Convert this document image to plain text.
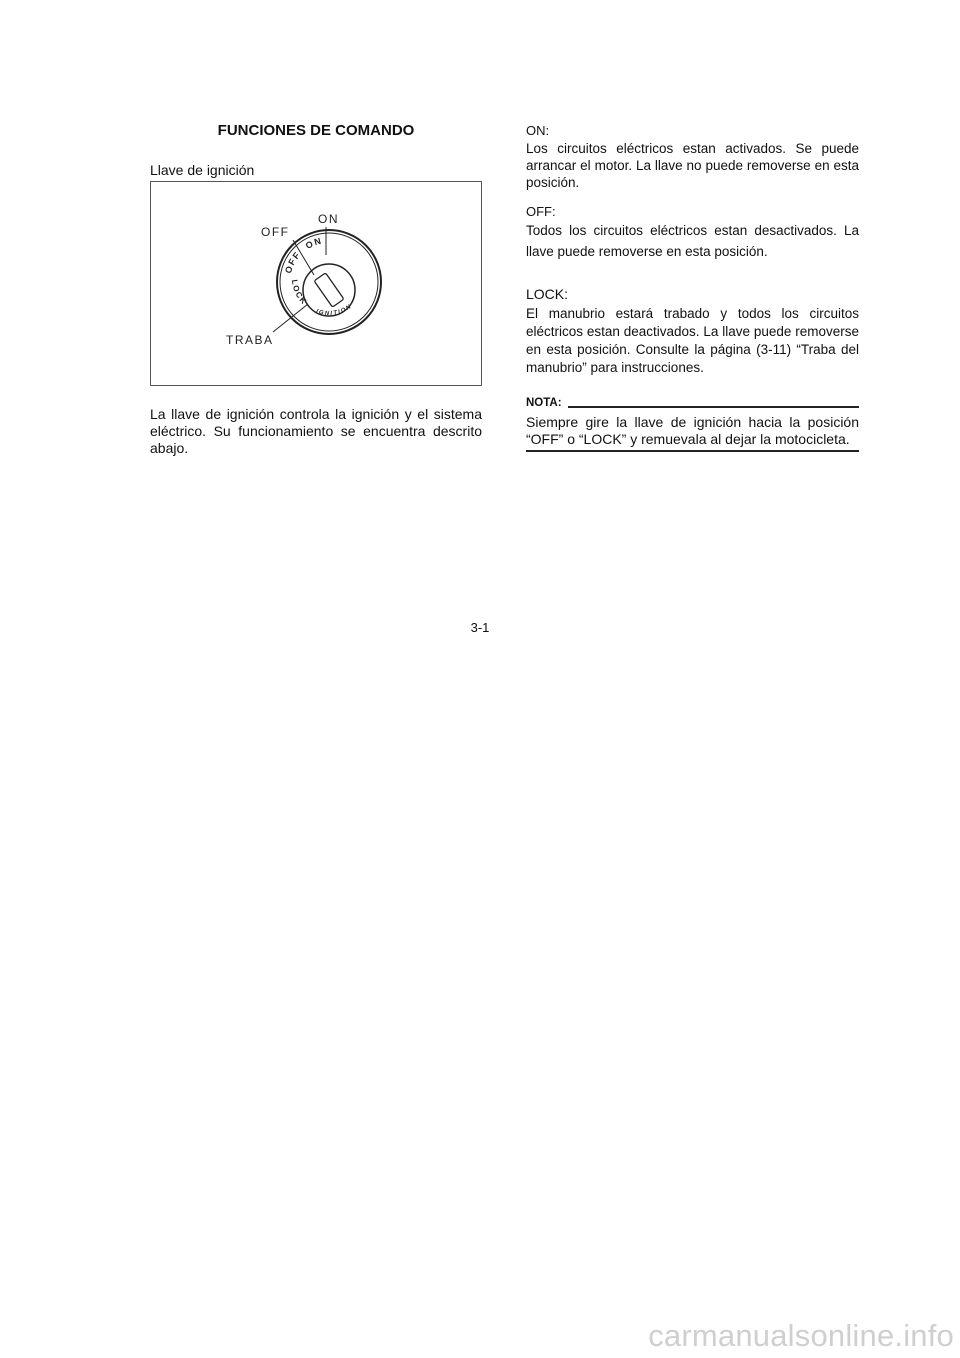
FUNCIONES DE COMANDO
Llave de ignición
OFF
ON
TRABA
OFF ON
LOCK IGNITION
La llave de ignición controla la ignición y el sistema eléctrico. Su funcionamiento se encuentra descrito abajo.
ON:
Los circuitos eléctricos estan activados. Se puede arrancar el motor. La llave no puede removerse en esta posición.
OFF:
Todos los circuitos eléctricos estan desactivados. La llave puede removerse en esta posición.
LOCK:
El manubrio estará trabado y todos los circuitos eléctricos estan deactivados. La llave puede removerse en esta posición. Consulte la página (3-11) “Traba del manubrio” para instrucciones.
NOTA:
Siempre gire la llave de ignición hacia la posición “OFF” o “LOCK” y remuevala al dejar la motocicleta.
3-1
carmanualsonline.info
